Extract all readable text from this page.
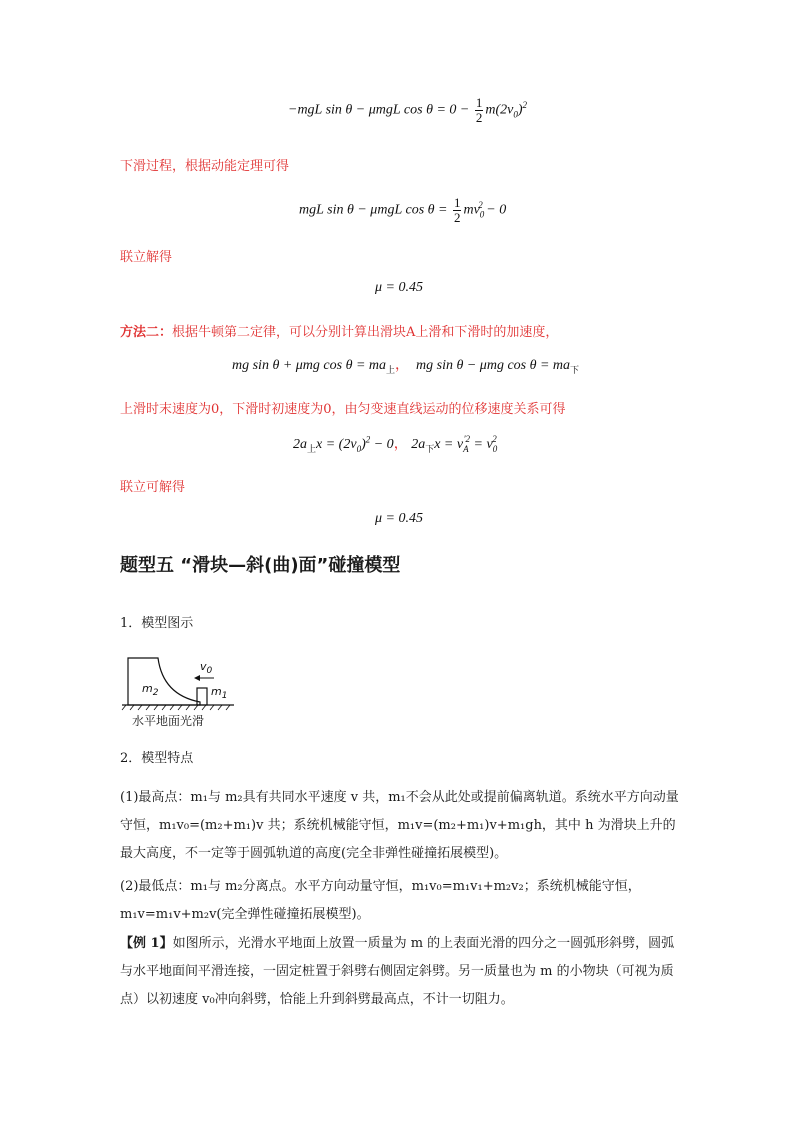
−mgL sin θ − μmgL $\cos \theta = 0 - \frac{1}{2} m(2v_0)^2$
下滑过程，根据动能定理可得
mgL sin θ − μmgL $\cos \theta = \frac{1}{2} mv_0^2 - 0$
联立解得
μ = 0.45
方法二：根据牛顿第二定律，可以分别计算出滑块A上滑和下滑时的加速度，
mg sin θ + μmg $\cos \theta = ma_上$， mg sin θ − μmg $\cos \theta = ma_下$
上滑时末速度为0，下滑时初速度为0，由匀变速直线运动的位移速度关系可得
$2a_上x = (2v_0)^2 - 0$， $2a_下x = v_A^{'2} = v_0^2$
联立可解得
μ = 0.45
题型五 “滑块—斜(曲)面”碰撞模型
1．模型图示
$v_0$
$m_2$	$m_1$
水平地面光滑
2．模型特点
(1)最高点：m₁与 m₂具有共同水平速度 v 共，m₁不会从此处或提前偏离轨道。系统水平方向动量守恒，m₁v₀=(m₂+m₁)v 共；系统机械能守恒，m₁v=(m₂+m₁)v+m₁gh，其中 h 为滑块上升的最大高度，不一定等于圆弧轨道的高度(完全非弹性碰撞拓展模型)。
(2)最低点：m₁与 m₂分离点。水平方向动量守恒，m₁v₀=m₁v₁+m₂v₂；系统机械能守恒，m₁v=m₁v+m₂v(完全弹性碰撞拓展模型)。
【例 1】如图所示，光滑水平地面上放置一质量为 m 的上表面光滑的四分之一圆弧形斜劈，圆弧与水平地面间平滑连接，一固定桩置于斜劈右侧固定斜劈。另一质量也为 m 的小物块（可视为质点）以初速度 v₀冲向斜劈，恰能上升到斜劈最高点，不计一切阻力。
